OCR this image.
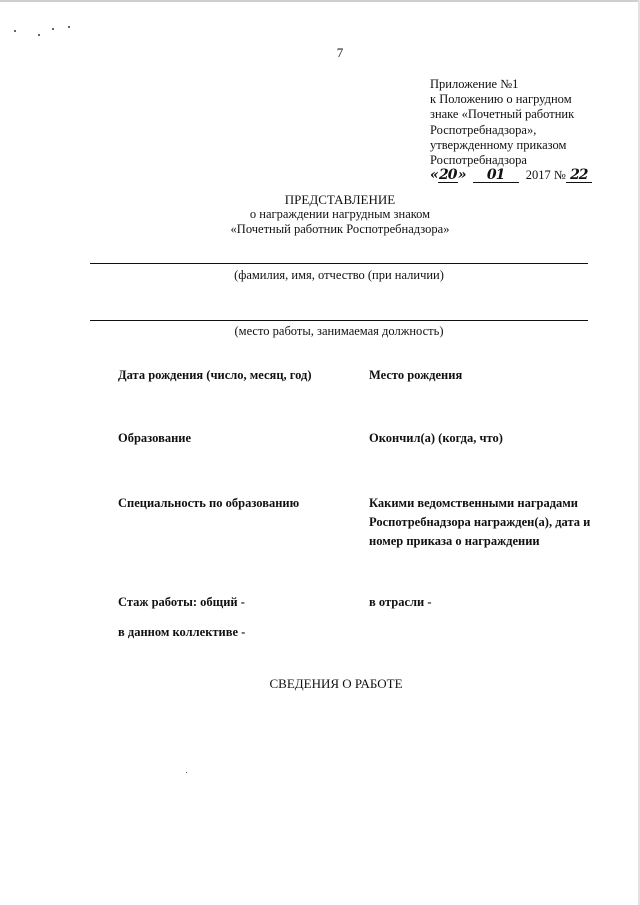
7
Приложение №1
к Положению о нагрудном
знаке «Почетный работник
Роспотребнадзора»,
утвержденному приказом
Роспотребнадзора
«20» 01 2017 № 22
ПРЕДСТАВЛЕНИЕ
о награждении нагрудным знаком
«Почетный работник Роспотребнадзора»
(фамилия, имя, отчество (при наличии)
(место работы, занимаемая должность)
Дата рождения (число, месяц, год)	Место рождения
Образование	Окончил(а) (когда, что)
Специальность по образованию	Какими ведомственными наградами
Роспотребнадзора награжден(а), дата и
номер приказа о награждении
Стаж работы: общий -	в отрасли -
в данном коллективе -
СВЕДЕНИЯ О РАБОТЕ
